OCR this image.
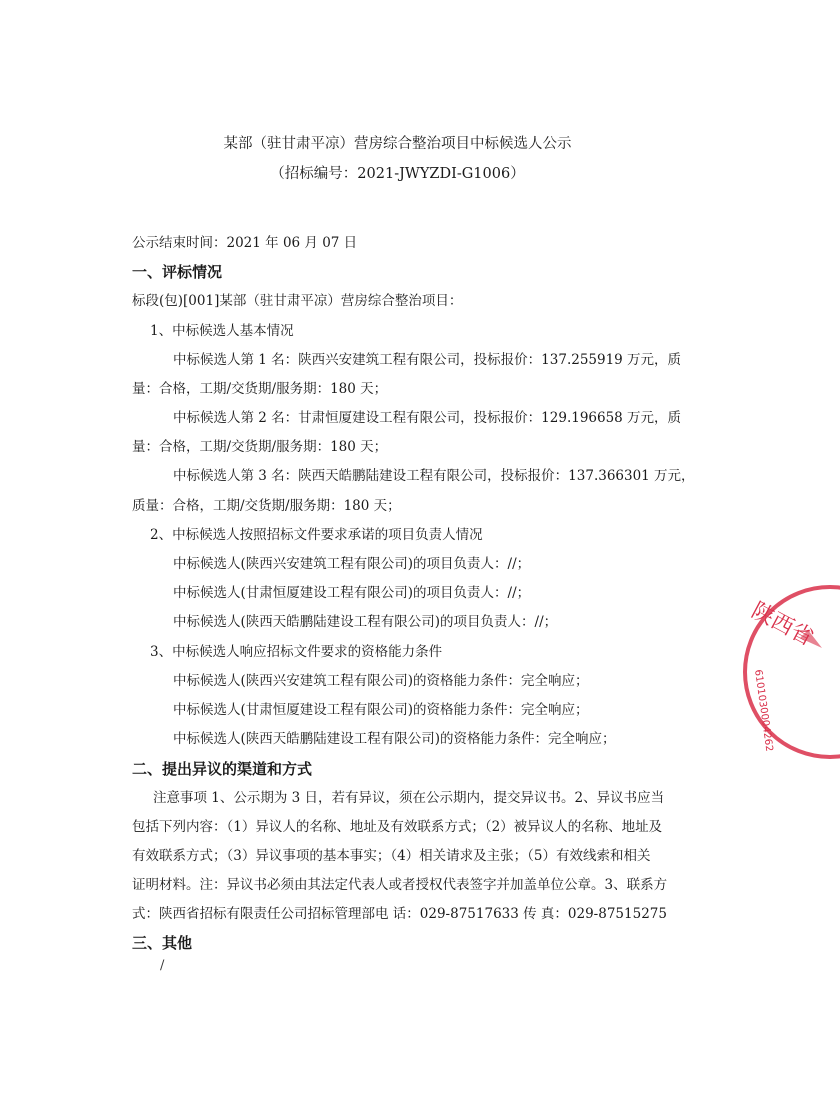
某部（驻甘肃平凉）营房综合整治项目中标候选人公示
（招标编号：2021-JWYZDI-G1006）
公示结束时间：2021 年 06 月 07 日
一、评标情况
标段(包)[001]某部（驻甘肃平凉）营房综合整治项目：
1、中标候选人基本情况
中标候选人第 1 名：陕西兴安建筑工程有限公司，投标报价：137.255919 万元，质
量：合格，工期/交货期/服务期：180 天；
中标候选人第 2 名：甘肃恒厦建设工程有限公司，投标报价：129.196658 万元，质
量：合格，工期/交货期/服务期：180 天；
中标候选人第 3 名：陕西天皓鹏陆建设工程有限公司，投标报价：137.366301 万元，
质量：合格，工期/交货期/服务期：180 天；
2、中标候选人按照招标文件要求承诺的项目负责人情况
中标候选人(陕西兴安建筑工程有限公司)的项目负责人：//；
中标候选人(甘肃恒厦建设工程有限公司)的项目负责人：//；
中标候选人(陕西天皓鹏陆建设工程有限公司)的项目负责人：//；
3、中标候选人响应招标文件要求的资格能力条件
中标候选人(陕西兴安建筑工程有限公司)的资格能力条件：完全响应；
中标候选人(甘肃恒厦建设工程有限公司)的资格能力条件：完全响应；
中标候选人(陕西天皓鹏陆建设工程有限公司)的资格能力条件：完全响应；
二、提出异议的渠道和方式
注意事项 1、公示期为 3 日，若有异议，须在公示期内，提交异议书。2、异议书应当
包括下列内容：（1）异议人的名称、地址及有效联系方式；（2）被异议人的名称、地址及
有效联系方式；（3）异议事项的基本事实；（4）相关请求及主张；（5）有效线索和相关
证明材料。注：异议书必须由其法定代表人或者授权代表签字并加盖单位公章。3、联系方
式：陕西省招标有限责任公司招标管理部电 话：029-87517633 传 真：029-87515275
三、其他
/
陕西省
6101030004262
